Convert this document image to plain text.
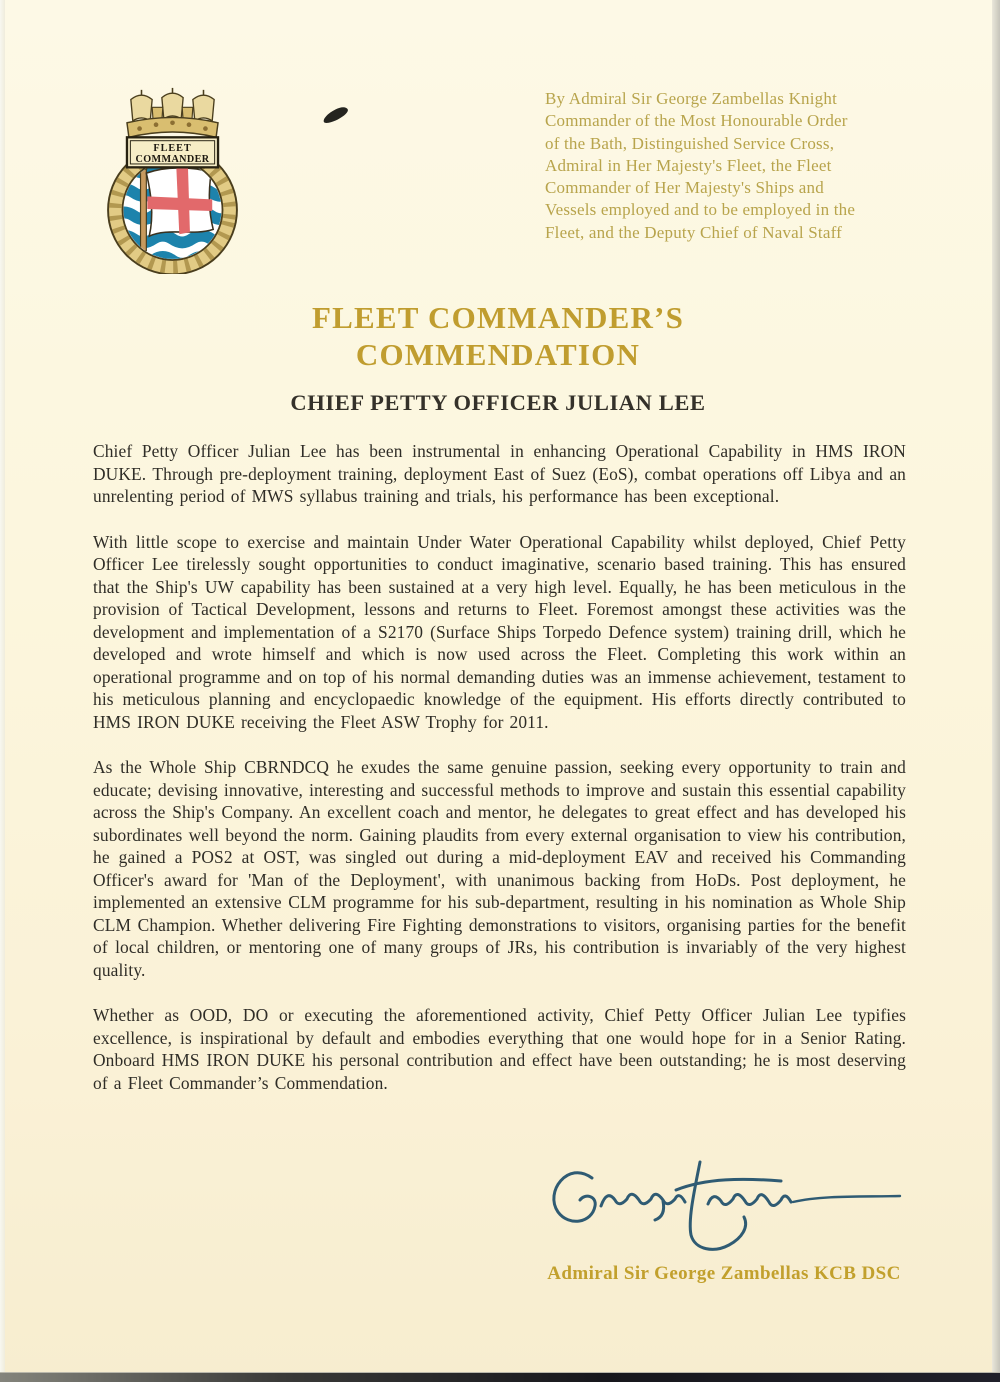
FLEET
COMMANDER
By Admiral Sir George Zambellas Knight
Commander of the Most Honourable Order
of the Bath, Distinguished Service Cross,
Admiral in Her Majesty's Fleet, the Fleet
Commander of Her Majesty's Ships and
Vessels employed and to be employed in the
Fleet, and the Deputy Chief of Naval Staff
FLEET COMMANDER’S
COMMENDATION
CHIEF PETTY OFFICER JULIAN LEE

Chief Petty Officer Julian Lee has been instrumental in enhancing Operational Capability in HMS IRON DUKE. Through pre-deployment training, deployment East of Suez (EoS), combat operations off Libya and an unrelenting period of MWS syllabus training and trials, his performance has been exceptional.

With little scope to exercise and maintain Under Water Operational Capability whilst deployed, Chief Petty Officer Lee tirelessly sought opportunities to conduct imaginative, scenario based training. This has ensured that the Ship's UW capability has been sustained at a very high level. Equally, he has been meticulous in the provision of Tactical Development, lessons and returns to Fleet. Foremost amongst these activities was the development and implementation of a S2170 (Surface Ships Torpedo Defence system) training drill, which he developed and wrote himself and which is now used across the Fleet. Completing this work within an operational programme and on top of his normal demanding duties was an immense achievement, testament to his meticulous planning and encyclopaedic knowledge of the equipment. His efforts directly contributed to HMS IRON DUKE receiving the Fleet ASW Trophy for 2011.

As the Whole Ship CBRNDCQ he exudes the same genuine passion, seeking every opportunity to train and educate; devising innovative, interesting and successful methods to improve and sustain this essential capability across the Ship's Company. An excellent coach and mentor, he delegates to great effect and has developed his subordinates well beyond the norm. Gaining plaudits from every external organisation to view his contribution, he gained a POS2 at OST, was singled out during a mid-deployment EAV and received his Commanding Officer's award for 'Man of the Deployment', with unanimous backing from HoDs. Post deployment, he implemented an extensive CLM programme for his sub-department, resulting in his nomination as Whole Ship CLM Champion. Whether delivering Fire Fighting demonstrations to visitors, organising parties for the benefit of local children, or mentoring one of many groups of JRs, his contribution is invariably of the very highest quality.

Whether as OOD, DO or executing the aforementioned activity, Chief Petty Officer Julian Lee typifies excellence, is inspirational by default and embodies everything that one would hope for in a Senior Rating. Onboard HMS IRON DUKE his personal contribution and effect have been outstanding; he is most deserving of a Fleet Commander’s Commendation.

Admiral Sir George Zambellas KCB DSC
